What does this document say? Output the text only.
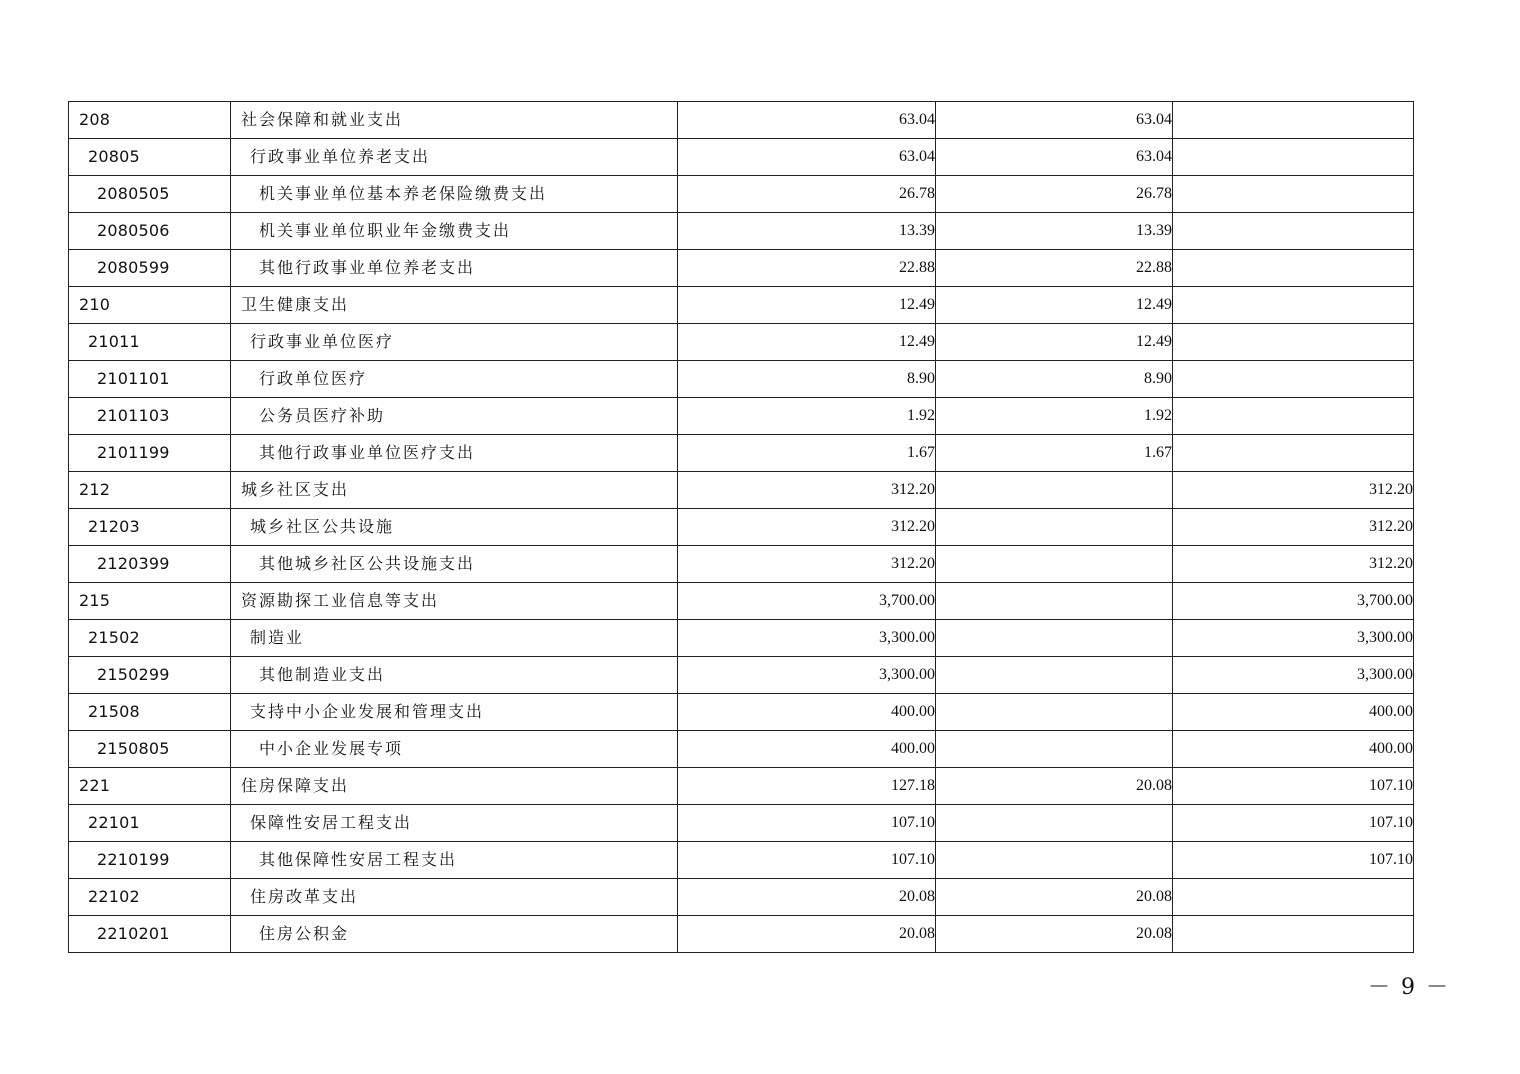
208	社会保障和就业支出	63.04	63.04	
20805	行政事业单位养老支出	63.04	63.04	
2080505	机关事业单位基本养老保险缴费支出	26.78	26.78	
2080506	机关事业单位职业年金缴费支出	13.39	13.39	
2080599	其他行政事业单位养老支出	22.88	22.88	
210	卫生健康支出	12.49	12.49	
21011	行政事业单位医疗	12.49	12.49	
2101101	行政单位医疗	8.90	8.90	
2101103	公务员医疗补助	1.92	1.92	
2101199	其他行政事业单位医疗支出	1.67	1.67	
212	城乡社区支出	312.20		312.20
21203	城乡社区公共设施	312.20		312.20
2120399	其他城乡社区公共设施支出	312.20		312.20
215	资源勘探工业信息等支出	3,700.00		3,700.00
21502	制造业	3,300.00		3,300.00
2150299	其他制造业支出	3,300.00		3,300.00
21508	支持中小企业发展和管理支出	400.00		400.00
2150805	中小企业发展专项	400.00		400.00
221	住房保障支出	127.18	20.08	107.10
22101	保障性安居工程支出	107.10		107.10
2210199	其他保障性安居工程支出	107.10		107.10
22102	住房改革支出	20.08	20.08	
2210201	住房公积金	20.08	20.08	
－ 9 －
